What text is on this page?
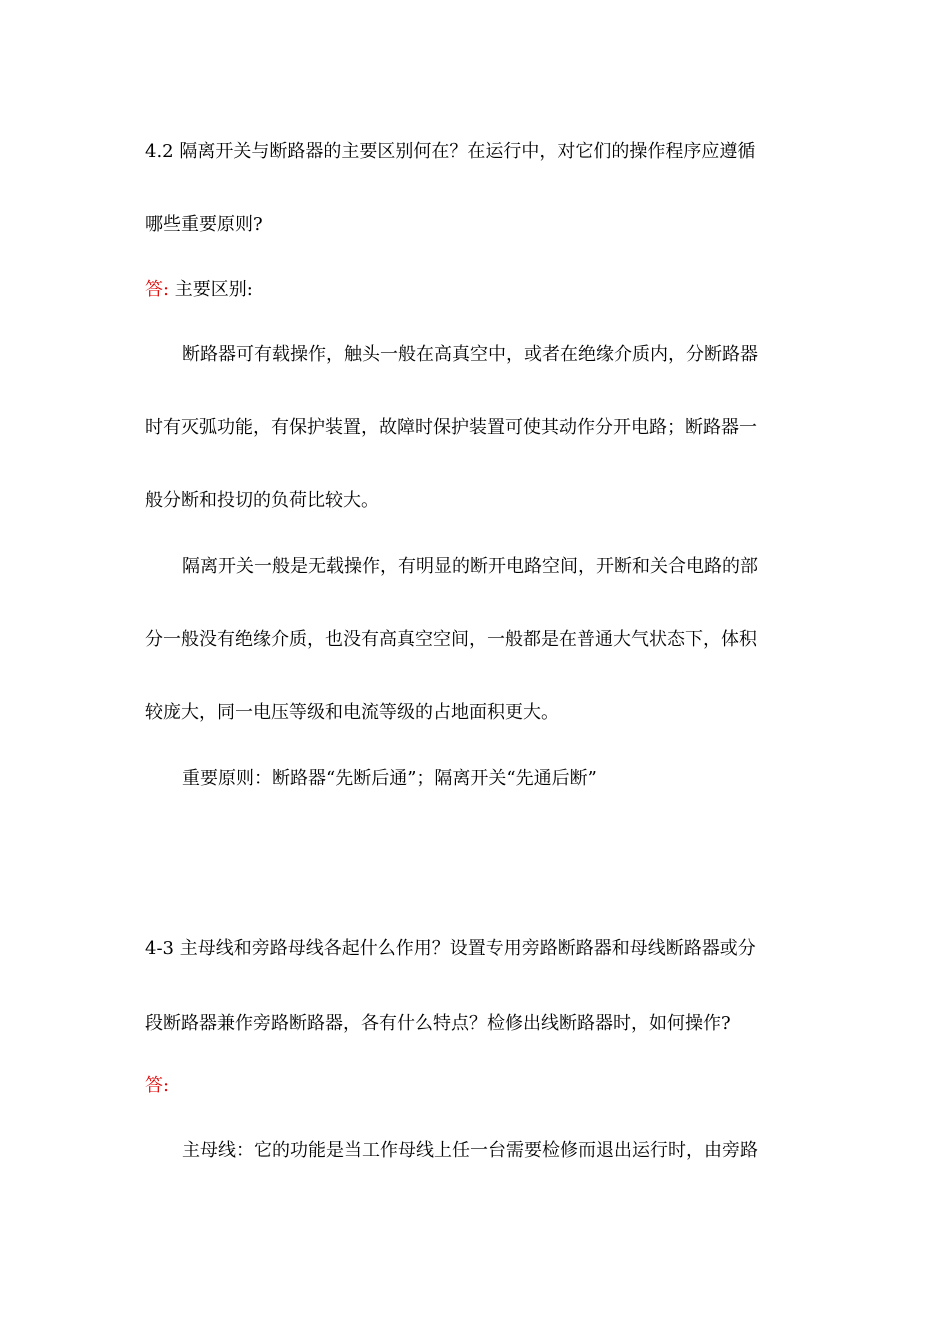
4.2 隔离开关与断路器的主要区别何在？在运行中，对它们的操作程序应遵循
哪些重要原则?
答: 主要区别:
断路器可有载操作，触头一般在高真空中，或者在绝缘介质内，分断路器
时有灭弧功能，有保护装置，故障时保护装置可使其动作分开电路；断路器一
般分断和投切的负荷比较大。
隔离开关一般是无载操作，有明显的断开电路空间，开断和关合电路的部
分一般没有绝缘介质，也没有高真空空间，一般都是在普通大气状态下，体积
较庞大，同一电压等级和电流等级的占地面积更大。
重要原则：断路器“先断后通”；隔离开关“先通后断”
4-3 主母线和旁路母线各起什么作用？设置专用旁路断路器和母线断路器或分
段断路器兼作旁路断路器，各有什么特点？检修出线断路器时，如何操作?
答:
主母线：它的功能是当工作母线上任一台需要检修而退出运行时，由旁路
